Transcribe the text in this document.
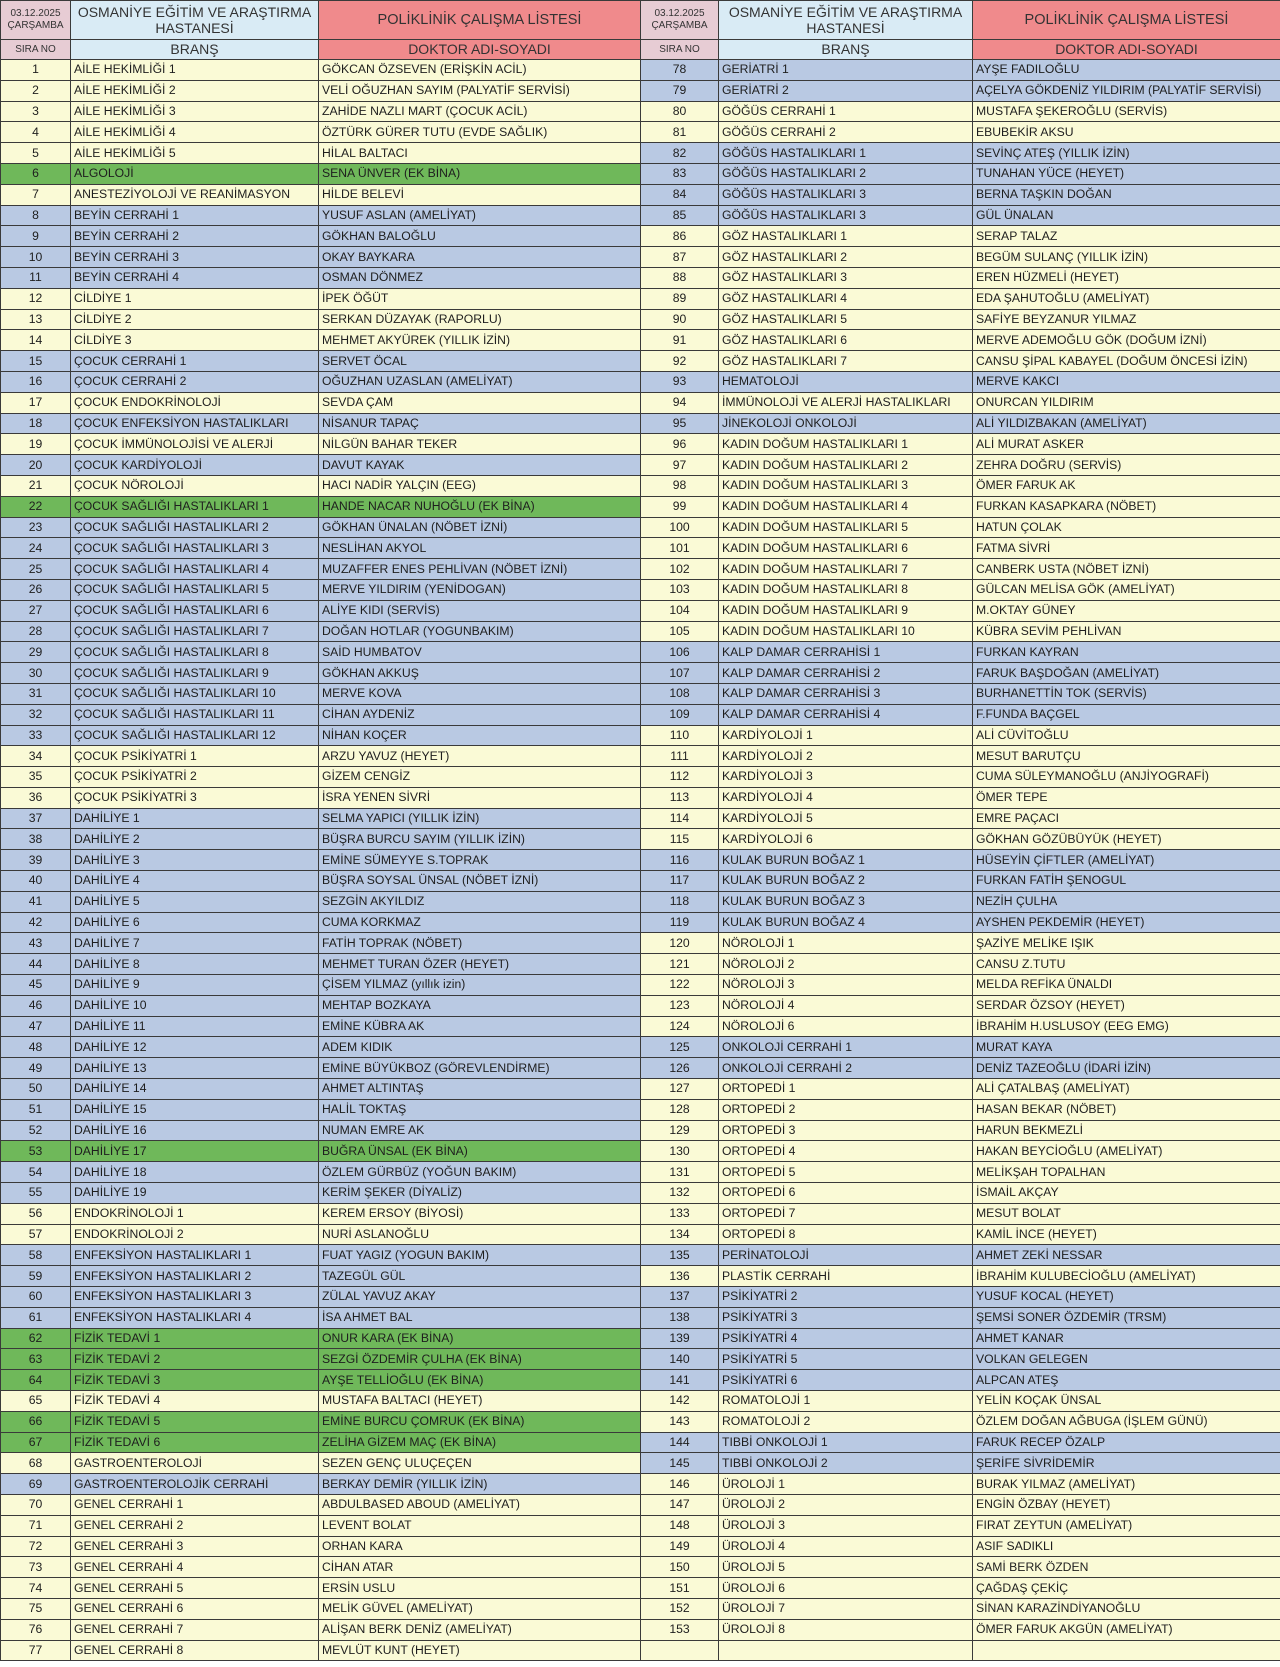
03.12.2025
ÇARŞAMBA	OSMANİYE EĞİTİM VE ARAŞTIRMA HASTANESİ	POLİKLİNİK ÇALIŞMA LİSTESİ
SIRA NO	BRANŞ	DOKTOR ADI-SOYADI
1	AİLE HEKİMLİĞİ 1	GÖKCAN ÖZSEVEN (ERİŞKİN ACİL)
2	AİLE HEKİMLİĞİ 2	VELİ OĞUZHAN SAYIM (PALYATİF SERVİSİ)
3	AİLE HEKİMLİĞİ 3	ZAHİDE NAZLI MART (ÇOCUK ACİL)
4	AİLE HEKİMLİĞİ 4	ÖZTÜRK GÜRER TUTU (EVDE SAĞLIK)
5	AİLE HEKİMLİĞİ 5	HİLAL BALTACI
6	ALGOLOJİ	SENA ÜNVER (EK BİNA)
7	ANESTEZİYOLOJİ VE REANİMASYON	HİLDE BELEVİ
8	BEYİN CERRAHİ 1	YUSUF ASLAN (AMELİYAT)
9	BEYİN CERRAHİ 2	GÖKHAN BALOĞLU
10	BEYİN CERRAHİ 3	OKAY BAYKARA
11	BEYİN CERRAHİ 4	OSMAN DÖNMEZ
12	CİLDİYE 1	İPEK ÖĞÜT
13	CİLDİYE 2	SERKAN DÜZAYAK (RAPORLU)
14	CİLDİYE 3	MEHMET AKYÜREK (YILLIK İZİN)
15	ÇOCUK CERRAHİ 1	SERVET ÖCAL
16	ÇOCUK CERRAHİ 2	OĞUZHAN UZASLAN (AMELİYAT)
17	ÇOCUK ENDOKRİNOLOJİ	SEVDA ÇAM
18	ÇOCUK ENFEKSİYON HASTALIKLARI	NİSANUR TAPAÇ
19	ÇOCUK İMMÜNOLOJİSİ VE ALERJİ	NİLGÜN BAHAR TEKER
20	ÇOCUK KARDİYOLOJİ	DAVUT KAYAK
21	ÇOCUK NÖROLOJİ	HACI NADİR YALÇIN (EEG)
22	ÇOCUK SAĞLIĞI HASTALIKLARI 1	HANDE NACAR NUHOĞLU (EK BİNA)
23	ÇOCUK SAĞLIĞI HASTALIKLARI 2	GÖKHAN ÜNALAN (NÖBET İZNİ)
24	ÇOCUK SAĞLIĞI HASTALIKLARI 3	NESLİHAN AKYOL
25	ÇOCUK SAĞLIĞI HASTALIKLARI 4	MUZAFFER ENES PEHLİVAN (NÖBET İZNİ)
26	ÇOCUK SAĞLIĞI HASTALIKLARI 5	MERVE YILDIRIM (YENİDOGAN)
27	ÇOCUK SAĞLIĞI HASTALIKLARI 6	ALİYE KIDI (SERVİS)
28	ÇOCUK SAĞLIĞI HASTALIKLARI 7	DOĞAN HOTLAR (YOGUNBAKIM)
29	ÇOCUK SAĞLIĞI HASTALIKLARI 8	SAİD HUMBATOV
30	ÇOCUK SAĞLIĞI HASTALIKLARI 9	GÖKHAN AKKUŞ
31	ÇOCUK SAĞLIĞI HASTALIKLARI 10	MERVE KOVA
32	ÇOCUK SAĞLIĞI HASTALIKLARI 11	CİHAN AYDENİZ
33	ÇOCUK SAĞLIĞI HASTALIKLARI 12	NİHAN KOÇER
34	ÇOCUK PSİKİYATRİ 1	ARZU YAVUZ (HEYET)
35	ÇOCUK PSİKİYATRİ 2	GİZEM CENGİZ
36	ÇOCUK PSİKİYATRİ 3	İSRA YENEN SİVRİ
37	DAHİLİYE 1	SELMA YAPICI (YILLIK İZİN)
38	DAHİLİYE 2	BÜŞRA BURCU SAYIM (YILLIK İZİN)
39	DAHİLİYE 3	EMİNE SÜMEYYE S.TOPRAK
40	DAHİLİYE 4	BÜŞRA SOYSAL ÜNSAL (NÖBET İZNİ)
41	DAHİLİYE 5	SEZGİN AKYILDIZ
42	DAHİLİYE 6	CUMA KORKMAZ
43	DAHİLİYE 7	FATİH TOPRAK (NÖBET)
44	DAHİLİYE 8	MEHMET TURAN ÖZER (HEYET)
45	DAHİLİYE 9	ÇİSEM YILMAZ (yıllık izin)
46	DAHİLİYE 10	MEHTAP BOZKAYA
47	DAHİLİYE 11	EMİNE KÜBRA AK
48	DAHİLİYE 12	ADEM KIDIK
49	DAHİLİYE 13	EMİNE BÜYÜKBOZ (GÖREVLENDİRME)
50	DAHİLİYE 14	AHMET ALTINTAŞ
51	DAHİLİYE 15	HALİL TOKTAŞ
52	DAHİLİYE 16	NUMAN EMRE AK
53	DAHİLİYE 17	BUĞRA ÜNSAL (EK BİNA)
54	DAHİLİYE 18	ÖZLEM GÜRBÜZ (YOĞUN BAKIM)
55	DAHİLİYE 19	KERİM ŞEKER (DİYALİZ)
56	ENDOKRİNOLOJİ 1	KEREM ERSOY (BİYOSİ)
57	ENDOKRİNOLOJİ 2	NURİ ASLANOĞLU
58	ENFEKSİYON HASTALIKLARI 1	FUAT YAGIZ (YOGUN BAKIM)
59	ENFEKSİYON HASTALIKLARI 2	TAZEGÜL GÜL
60	ENFEKSİYON HASTALIKLARI 3	ZÜLAL YAVUZ AKAY
61	ENFEKSİYON HASTALIKLARI 4	İSA AHMET BAL
62	FİZİK TEDAVİ 1	ONUR KARA (EK BİNA)
63	FİZİK TEDAVİ 2	SEZGİ ÖZDEMİR ÇULHA (EK BİNA)
64	FİZİK TEDAVİ 3	AYŞE TELLİOĞLU (EK BİNA)
65	FİZİK TEDAVİ 4	MUSTAFA BALTACI (HEYET)
66	FİZİK TEDAVİ 5	EMİNE BURCU ÇOMRUK (EK BİNA)
67	FİZİK TEDAVİ 6	ZELİHA GİZEM MAÇ (EK BİNA)
68	GASTROENTEROLOJİ	SEZEN GENÇ ULUÇEÇEN
69	GASTROENTEROLOJİK CERRAHİ	BERKAY DEMİR (YILLIK İZİN)
70	GENEL CERRAHİ 1	ABDULBASED ABOUD (AMELİYAT)
71	GENEL CERRAHİ 2	LEVENT BOLAT
72	GENEL CERRAHİ 3	ORHAN KARA
73	GENEL CERRAHİ 4	CİHAN ATAR
74	GENEL CERRAHİ 5	ERSİN USLU
75	GENEL CERRAHİ 6	MELİK GÜVEL (AMELİYAT)
76	GENEL CERRAHİ 7	ALİŞAN BERK DENİZ (AMELİYAT)
77	GENEL CERRAHİ 8	MEVLÜT KUNT (HEYET)
03.12.2025
ÇARŞAMBA	OSMANİYE EĞİTİM VE ARAŞTIRMA HASTANESİ	POLİKLİNİK ÇALIŞMA LİSTESİ
SIRA NO	BRANŞ	DOKTOR ADI-SOYADI
78	GERİATRİ 1	AYŞE FADILOĞLU
79	GERİATRİ 2	AÇELYA GÖKDENİZ YILDIRIM (PALYATİF SERVİSİ)
80	GÖĞÜS CERRAHİ 1	MUSTAFA ŞEKEROĞLU (SERVİS)
81	GÖĞÜS CERRAHİ 2	EBUBEKİR AKSU
82	GÖĞÜS HASTALIKLARI 1	SEVİNÇ ATEŞ (YILLIK İZİN)
83	GÖĞÜS HASTALIKLARI 2	TUNAHAN YÜCE (HEYET)
84	GÖĞÜS HASTALIKLARI 3	BERNA TAŞKIN DOĞAN
85	GÖĞÜS HASTALIKLARI 3	GÜL ÜNALAN
86	GÖZ HASTALIKLARI 1	SERAP TALAZ
87	GÖZ HASTALIKLARI 2	BEGÜM SULANÇ (YILLIK İZİN)
88	GÖZ HASTALIKLARI 3	EREN HÜZMELİ (HEYET)
89	GÖZ HASTALIKLARI 4	EDA ŞAHUTOĞLU (AMELİYAT)
90	GÖZ HASTALIKLARI 5	SAFİYE BEYZANUR YILMAZ
91	GÖZ HASTALIKLARI 6	MERVE ADEMOĞLU GÖK (DOĞUM İZNİ)
92	GÖZ HASTALIKLARI 7	CANSU ŞİPAL KABAYEL (DOĞUM ÖNCESİ İZİN)
93	HEMATOLOJİ	MERVE KAKCI
94	İMMÜNOLOJİ VE ALERJİ HASTALIKLARI	ONURCAN YILDIRIM
95	JİNEKOLOJİ ONKOLOJİ	ALİ YILDIZBAKAN (AMELİYAT)
96	KADIN DOĞUM HASTALIKLARI 1	ALİ MURAT ASKER
97	KADIN DOĞUM HASTALIKLARI 2	ZEHRA DOĞRU (SERVİS)
98	KADIN DOĞUM HASTALIKLARI 3	ÖMER FARUK AK
99	KADIN DOĞUM HASTALIKLARI 4	FURKAN KASAPKARA (NÖBET)
100	KADIN DOĞUM HASTALIKLARI 5	HATUN ÇOLAK
101	KADIN DOĞUM HASTALIKLARI 6	FATMA SİVRİ
102	KADIN DOĞUM HASTALIKLARI 7	CANBERK USTA (NÖBET İZNİ)
103	KADIN DOĞUM HASTALIKLARI 8	GÜLCAN MELİSA GÖK (AMELİYAT)
104	KADIN DOĞUM HASTALIKLARI 9	M.OKTAY GÜNEY
105	KADIN DOĞUM HASTALIKLARI 10	KÜBRA SEVİM PEHLİVAN
106	KALP DAMAR CERRAHİSİ 1	FURKAN KAYRAN
107	KALP DAMAR CERRAHİSİ 2	FARUK BAŞDOĞAN (AMELİYAT)
108	KALP DAMAR CERRAHİSİ 3	BURHANETTİN TOK (SERVİS)
109	KALP DAMAR CERRAHİSİ 4	F.FUNDA BAÇGEL
110	KARDİYOLOJİ 1	ALİ CÜVİTOĞLU
111	KARDİYOLOJİ 2	MESUT BARUTÇU
112	KARDİYOLOJİ 3	CUMA SÜLEYMANOĞLU (ANJİYOGRAFİ)
113	KARDİYOLOJİ 4	ÖMER TEPE
114	KARDİYOLOJİ 5	EMRE PAÇACI
115	KARDİYOLOJİ 6	GÖKHAN GÖZÜBÜYÜK (HEYET)
116	KULAK BURUN BOĞAZ 1	HÜSEYİN ÇİFTLER (AMELİYAT)
117	KULAK BURUN BOĞAZ 2	FURKAN FATİH ŞENOGUL
118	KULAK BURUN BOĞAZ 3	NEZİH ÇULHA
119	KULAK BURUN BOĞAZ 4	AYSHEN PEKDEMİR (HEYET)
120	NÖROLOJİ 1	ŞAZİYE MELİKE IŞIK
121	NÖROLOJİ 2	CANSU Z.TUTU
122	NÖROLOJİ 3	MELDA REFİKA ÜNALDI
123	NÖROLOJİ 4	SERDAR ÖZSOY (HEYET)
124	NÖROLOJİ 6	İBRAHİM H.USLUSOY (EEG EMG)
125	ONKOLOJİ CERRAHİ 1	MURAT KAYA
126	ONKOLOJİ CERRAHİ 2	DENİZ TAZEOĞLU (İDARİ İZİN)
127	ORTOPEDİ 1	ALİ ÇATALBAŞ (AMELİYAT)
128	ORTOPEDİ 2	HASAN BEKAR (NÖBET)
129	ORTOPEDİ 3	HARUN BEKMEZLİ
130	ORTOPEDİ 4	HAKAN BEYCİOĞLU (AMELİYAT)
131	ORTOPEDİ 5	MELİKŞAH TOPALHAN
132	ORTOPEDİ 6	İSMAİL AKÇAY
133	ORTOPEDİ 7	MESUT BOLAT
134	ORTOPEDİ 8	KAMİL İNCE (HEYET)
135	PERİNATOLOJİ	AHMET ZEKİ NESSAR
136	PLASTİK CERRAHİ	İBRAHİM KULUBECİOĞLU (AMELİYAT)
137	PSİKİYATRİ 2	YUSUF KOCAL (HEYET)
138	PSİKİYATRİ 3	ŞEMSİ SONER ÖZDEMİR (TRSM)
139	PSİKİYATRİ 4	AHMET KANAR
140	PSİKİYATRİ 5	VOLKAN GELEGEN
141	PSİKİYATRİ 6	ALPCAN ATEŞ
142	ROMATOLOJİ 1	YELİN KOÇAK ÜNSAL
143	ROMATOLOJİ 2	ÖZLEM DOĞAN AĞBUGA (İŞLEM GÜNÜ)
144	TIBBİ ONKOLOJİ 1	FARUK RECEP ÖZALP
145	TIBBİ ONKOLOJİ 2	ŞERİFE SİVRİDEMİR
146	ÜROLOJİ 1	BURAK YILMAZ (AMELİYAT)
147	ÜROLOJİ 2	ENGİN ÖZBAY (HEYET)
148	ÜROLOJİ 3	FIRAT ZEYTUN (AMELİYAT)
149	ÜROLOJİ 4	ASIF SADIKLI
150	ÜROLOJİ 5	SAMİ BERK ÖZDEN
151	ÜROLOJİ 6	ÇAĞDAŞ ÇEKİÇ
152	ÜROLOJİ 7	SİNAN KARAZİNDİYANOĞLU
153	ÜROLOJİ 8	ÖMER FARUK AKGÜN (AMELİYAT)
